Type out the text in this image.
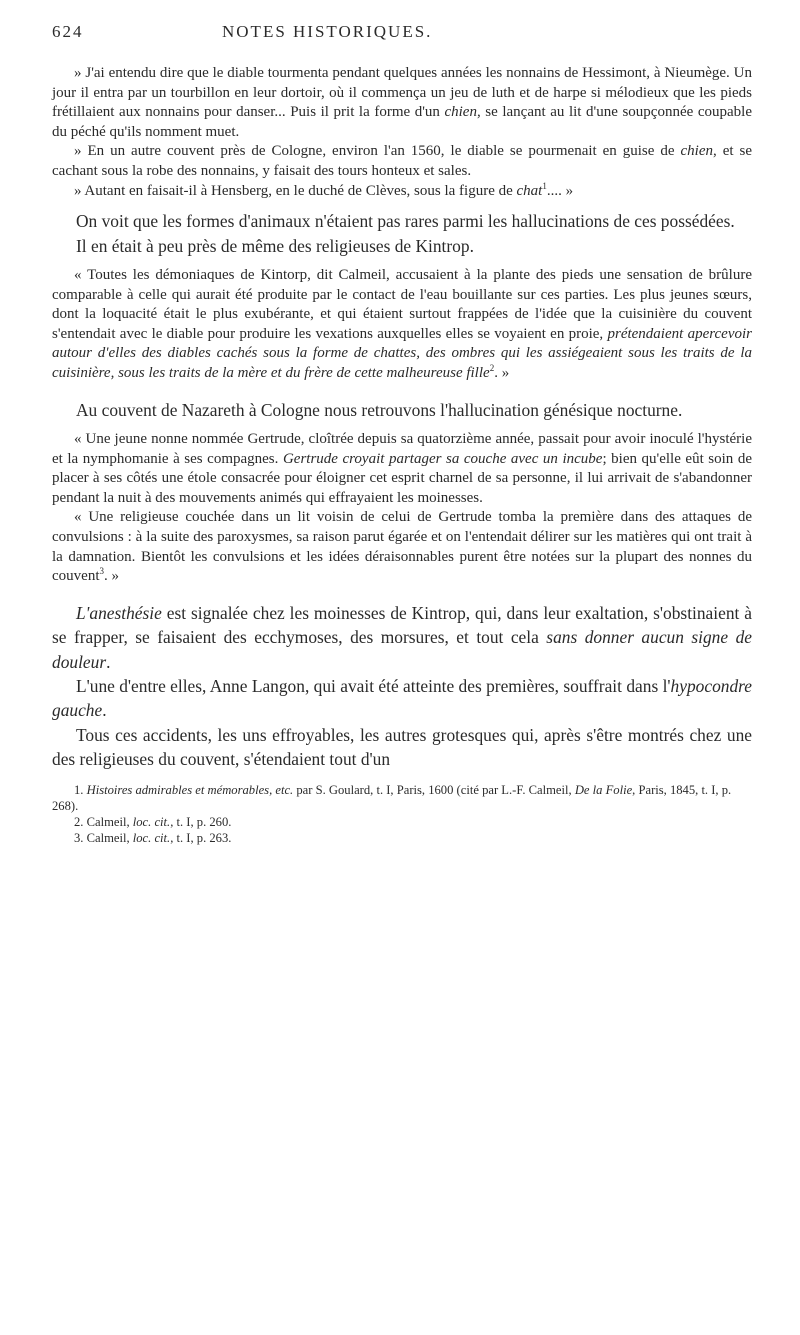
624	NOTES HISTORIQUES.

» J'ai entendu dire que le diable tourmenta pendant quelques années les nonnains de Hessimont, à Nieumège. Un jour il entra par un tourbillon en leur dortoir, où il commença un jeu de luth et de harpe si mélodieux que les pieds frétillaient aux nonnains pour danser... Puis il prit la forme d'un chien, se lançant au lit d'une soupçonnée coupable du péché qu'ils nomment muet.

» En un autre couvent près de Cologne, environ l'an 1560, le diable se pourmenait en guise de chien, et se cachant sous la robe des nonnains, y faisait des tours honteux et sales.

» Autant en faisait-il à Hensberg, en le duché de Clèves, sous la figure de chat$^1$.... »

On voit que les formes d'animaux n'étaient pas rares parmi les hallucinations de ces possédées.

Il en était à peu près de même des religieuses de Kintrop.

« Toutes les démoniaques de Kintorp, dit Calmeil, accusaient à la plante des pieds une sensation de brûlure comparable à celle qui aurait été produite par le contact de l'eau bouillante sur ces parties. Les plus jeunes sœurs, dont la loquacité était le plus exubérante, et qui étaient surtout frappées de l'idée que la cuisinière du couvent s'entendait avec le diable pour produire les vexations auxquelles elles se voyaient en proie, prétendaient apercevoir autour d'elles des diables cachés sous la forme de chattes, des ombres qui les assiégeaient sous les traits de la cuisinière, sous les traits de la mère et du frère de cette malheureuse fille$^2$. »

Au couvent de Nazareth à Cologne nous retrouvons l'hallucination génésique nocturne.

« Une jeune nonne nommée Gertrude, cloîtrée depuis sa quatorzième année, passait pour avoir inoculé l'hystérie et la nymphomanie à ses compagnes. Gertrude croyait partager sa couche avec un incube; bien qu'elle eût soin de placer à ses côtés une étole consacrée pour éloigner cet esprit charnel de sa personne, il lui arrivait de s'abandonner pendant la nuit à des mouvements animés qui effrayaient les moinesses.

« Une religieuse couchée dans un lit voisin de celui de Gertrude tomba la première dans des attaques de convulsions : à la suite des paroxysmes, sa raison parut égarée et on l'entendait délirer sur les matières qui ont trait à la damnation. Bientôt les convulsions et les idées déraisonnables purent être notées sur la plupart des nonnes du couvent$^3$. »

L'anesthésie est signalée chez les moinesses de Kintrop, qui, dans leur exaltation, s'obstinaient à se frapper, se faisaient des ecchymoses, des morsures, et tout cela sans donner aucun signe de douleur.

L'une d'entre elles, Anne Langon, qui avait été atteinte des premières, souffrait dans l'hypocondre gauche.

Tous ces accidents, les uns effroyables, les autres grotesques qui, après s'être montrés chez une des religieuses du couvent, s'étendaient tout d'un

1. Histoires admirables et mémorables, etc. par S. Goulard, t. I, Paris, 1600 (cité par L.-F. Calmeil, De la Folie, Paris, 1845, t. I, p. 268).

2. Calmeil, loc. cit., t. I, p. 260.

3. Calmeil, loc. cit., t. I, p. 263.
